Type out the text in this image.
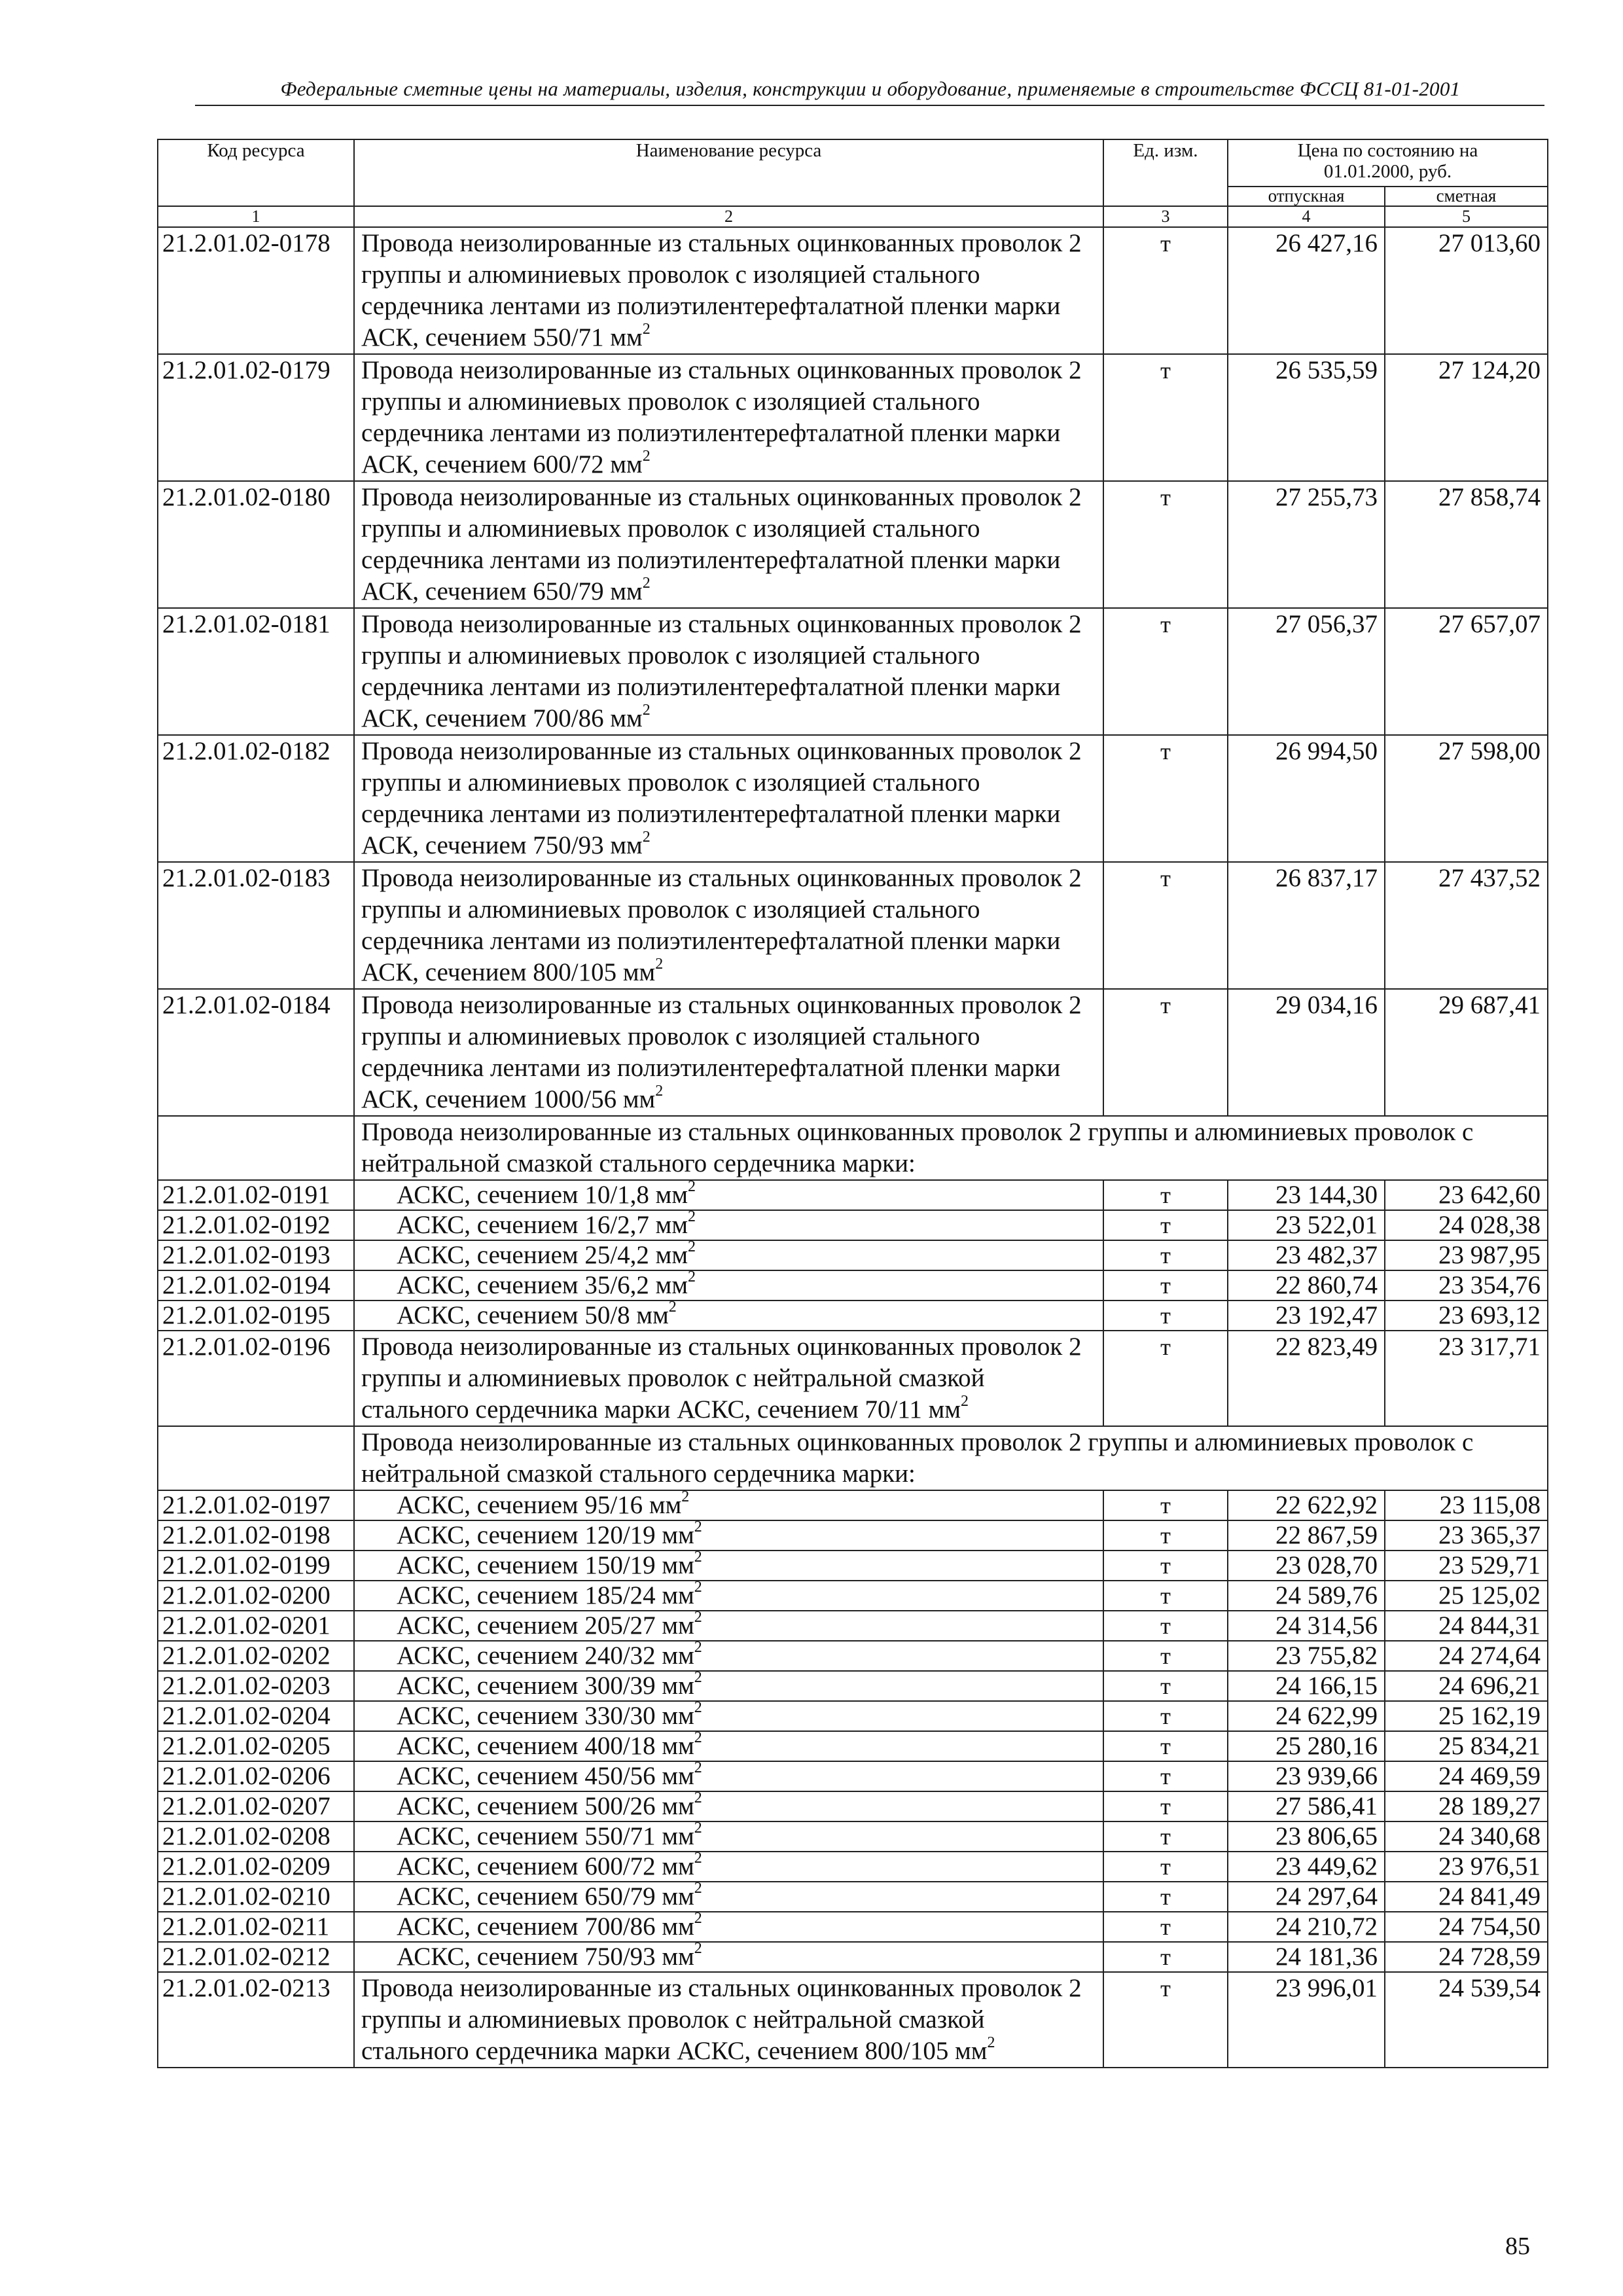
Федеральные сметные цены на материалы, изделия, конструкции и оборудование, применяемые в строительстве ФССЦ 81-01-2001
Код ресурса	Наименование ресурса	Ед. изм.	Цена по состоянию на 01.01.2000, руб.	
			отпускная	сметная
1	2	3	4	5
21.2.01.02-0178	Провода неизолированные из стальных оцинкованных проволок 2 группы и алюминиевых проволок с изоляцией стального сердечника лентами из полиэтилентерефталатной пленки марки АСК, сечением 550/71 $мм^2$	т	26 427,16	27 013,60
21.2.01.02-0179	Провода неизолированные из стальных оцинкованных проволок 2 группы и алюминиевых проволок с изоляцией стального сердечника лентами из полиэтилентерефталатной пленки марки АСК, сечением 600/72 $мм^2$	т	26 535,59	27 124,20
21.2.01.02-0180	Провода неизолированные из стальных оцинкованных проволок 2 группы и алюминиевых проволок с изоляцией стального сердечника лентами из полиэтилентерефталатной пленки марки АСК, сечением 650/79 $мм^2$	т	27 255,73	27 858,74
21.2.01.02-0181	Провода неизолированные из стальных оцинкованных проволок 2 группы и алюминиевых проволок с изоляцией стального сердечника лентами из полиэтилентерефталатной пленки марки АСК, сечением 700/86 $мм^2$	т	27 056,37	27 657,07
21.2.01.02-0182	Провода неизолированные из стальных оцинкованных проволок 2 группы и алюминиевых проволок с изоляцией стального сердечника лентами из полиэтилентерефталатной пленки марки АСК, сечением 750/93 $мм^2$	т	26 994,50	27 598,00
21.2.01.02-0183	Провода неизолированные из стальных оцинкованных проволок 2 группы и алюминиевых проволок с изоляцией стального сердечника лентами из полиэтилентерефталатной пленки марки АСК, сечением 800/105 $мм^2$	т	26 837,17	27 437,52
21.2.01.02-0184	Провода неизолированные из стальных оцинкованных проволок 2 группы и алюминиевых проволок с изоляцией стального сердечника лентами из полиэтилентерефталатной пленки марки АСК, сечением 1000/56 $мм^2$	т	29 034,16	29 687,41
	Провода неизолированные из стальных оцинкованных проволок 2 группы и алюминиевых проволок с нейтральной смазкой стального сердечника марки:			
21.2.01.02-0191	АСКС, сечением 10/1,8 $мм^2$	т	23 144,30	23 642,60
21.2.01.02-0192	АСКС, сечением 16/2,7 $мм^2$	т	23 522,01	24 028,38
21.2.01.02-0193	АСКС, сечением 25/4,2 $мм^2$	т	23 482,37	23 987,95
21.2.01.02-0194	АСКС, сечением 35/6,2 $мм^2$	т	22 860,74	23 354,76
21.2.01.02-0195	АСКС, сечением 50/8 $мм^2$	т	23 192,47	23 693,12
21.2.01.02-0196	Провода неизолированные из стальных оцинкованных проволок 2 группы и алюминиевых проволок с нейтральной смазкой стального сердечника марки АСКС, сечением 70/11 $мм^2$	т	22 823,49	23 317,71
	Провода неизолированные из стальных оцинкованных проволок 2 группы и алюминиевых проволок с нейтральной смазкой стального сердечника марки:			
21.2.01.02-0197	АСКС, сечением 95/16 $мм^2$	т	22 622,92	23 115,08
21.2.01.02-0198	АСКС, сечением 120/19 $мм^2$	т	22 867,59	23 365,37
21.2.01.02-0199	АСКС, сечением 150/19 $мм^2$	т	23 028,70	23 529,71
21.2.01.02-0200	АСКС, сечением 185/24 $мм^2$	т	24 589,76	25 125,02
21.2.01.02-0201	АСКС, сечением 205/27 $мм^2$	т	24 314,56	24 844,31
21.2.01.02-0202	АСКС, сечением 240/32 $мм^2$	т	23 755,82	24 274,64
21.2.01.02-0203	АСКС, сечением 300/39 $мм^2$	т	24 166,15	24 696,21
21.2.01.02-0204	АСКС, сечением 330/30 $мм^2$	т	24 622,99	25 162,19
21.2.01.02-0205	АСКС, сечением 400/18 $мм^2$	т	25 280,16	25 834,21
21.2.01.02-0206	АСКС, сечением 450/56 $мм^2$	т	23 939,66	24 469,59
21.2.01.02-0207	АСКС, сечением 500/26 $мм^2$	т	27 586,41	28 189,27
21.2.01.02-0208	АСКС, сечением 550/71 $мм^2$	т	23 806,65	24 340,68
21.2.01.02-0209	АСКС, сечением 600/72 $мм^2$	т	23 449,62	23 976,51
21.2.01.02-0210	АСКС, сечением 650/79 $мм^2$	т	24 297,64	24 841,49
21.2.01.02-0211	АСКС, сечением 700/86 $мм^2$	т	24 210,72	24 754,50
21.2.01.02-0212	АСКС, сечением 750/93 $мм^2$	т	24 181,36	24 728,59
21.2.01.02-0213	Провода неизолированные из стальных оцинкованных проволок 2 группы и алюминиевых проволок с нейтральной смазкой стального сердечника марки АСКС, сечением 800/105 $мм^2$	т	23 996,01	24 539,54
85
